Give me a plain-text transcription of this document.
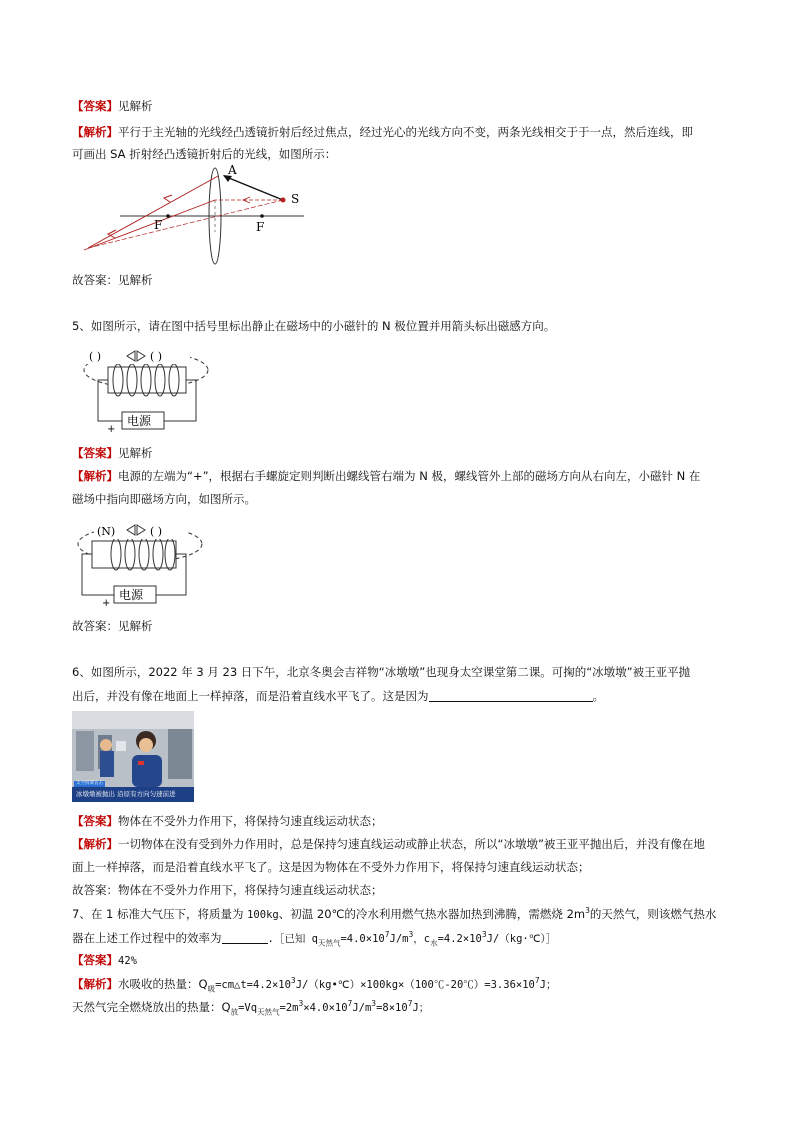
【答案】见解析
【解析】平行于主光轴的光线经凸透镜折射后经过焦点，经过光心的光线方向不变，两条光线相交于于一点，然后连线，即
可画出 SA 折射经凸透镜折射后的光线，如图所示：
S
A
F	F
故答案：见解析
5、如图所示，请在图中括号里标出静止在磁场中的小磁针的 N 极位置并用箭头标出磁感方向。
( )	( )
电源
+
【答案】见解析
【解析】电源的左端为“+”，根据右手螺旋定则判断出螺线管右端为 N 极，螺线管外上部的磁场方向从右向左，小磁针 N 在
磁场中指向即磁场方向，如图所示。
(N)	( )
电源
+
故答案：见解析
6、如图所示，2022 年 3 月 23 日下午，北京冬奥会吉祥物“冰墩墩”也现身太空课堂第二课。可掬的“冰墩墩”被王亚平抛
出后，并没有像在地面上一样掉落，而是沿着直线水平飞了。这是因为	。
太空授课直击
冰墩墩被抛出 沿原有方向匀速前进
【答案】物体在不受外力作用下，将保持匀速直线运动状态；
【解析】一切物体在没有受到外力作用时，总是保持匀速直线运动或静止状态，所以“冰墩墩”被王亚平抛出后，并没有像在地
面上一样掉落，而是沿着直线水平飞了。这是因为物体在不受外力作用下，将保持匀速直线运动状态；
故答案：物体在不受外力作用下，将保持匀速直线运动状态；
7、在 1 标准大气压下，将质量为 100kg、初温 20℃的冷水利用燃气热水器加热到沸腾，需燃烧 $2m^3$的天然气，则该燃气热水
器在上述工作过程中的效率为	.［已知 $q_{天然气}=4.0\times 10^7J/m^3$，$c_水=4.2\times 10^3J/(kg\cdot℃)]$
【答案】42%
【解析】水吸收的热量：$Q_吸=cm\triangle t=4.2\times 10^3J/(kg•℃)\times 100kg\times(100℃-20℃)=3.36\times 10^7J$；
天然气完全燃烧放出的热量：$Q_放=Vq_{天然气}=2m^3\times 4.0\times 10^7J/m^3=8\times 10^7J$；
